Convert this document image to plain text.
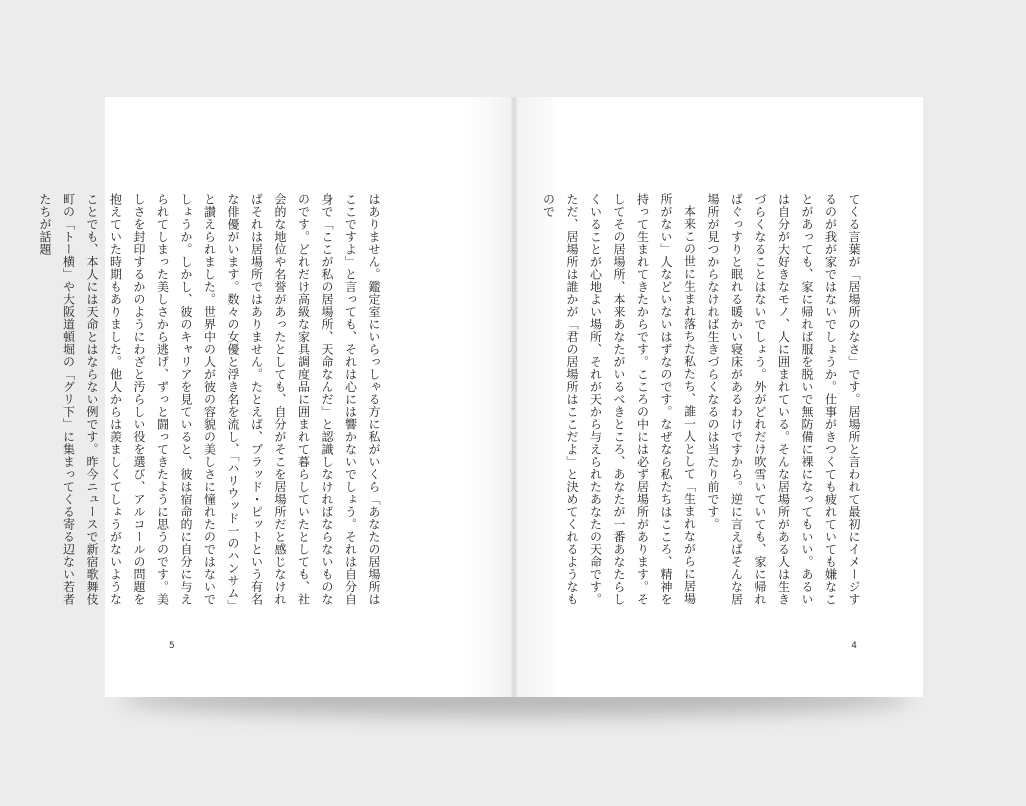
はありません。鑑定室にいらっしゃる方に私がいくら「あなたの居場所はここですよ」と言っても、それは心には響かないでしょう。それは自分自身で「ここが私の居場所、天命なんだ」と認識しなければならないものなのです。どれだけ高級な家具調度品に囲まれて暮らしていたとしても、社会的な地位や名誉があったとしても、自分がそこを居場所だと感じなければそれは居場所ではありません。たとえば、ブラッド・ピットという有名な俳優がいます。数々の女優と浮き名を流し、「ハリウッド一のハンサム」と讃えられました。世界中の人が彼の容貌の美しさに憧れたのではないでしょうか。しかし、彼のキャリアを見ていると、彼は宿命的に自分に与えられてしまった美しさから逃げ、ずっと闘ってきたように思うのです。美しさを封印するかのようにわざと汚らしい役を選び、アルコールの問題を抱えていた時期もありました。他人からは羨ましくてしょうがないようなことでも、本人には天命とはならない例です。昨今ニュースで新宿歌舞伎町の「トー横」や大阪道頓堀の「グリ下」に集まってくる寄る辺ない若者たちが話題

5

てくる言葉が「居場所のなさ」です。居場所と言われて最初にイメージするのが我が家ではないでしょうか。仕事がきつくても疲れていても嫌なことがあっても、家に帰れば服を脱いで無防備に裸になってもいい。あるいは自分が大好きなモノ、人に囲まれている。そんな居場所がある人は生きづらくなることはないでしょう。外がどれだけ吹雪いていても、家に帰ればぐっすりと眠れる暖かい寝床があるわけですから。逆に言えばそんな居場所が見つからなければ生きづらくなるのは当たり前です。

本来この世に生まれ落ちた私たち、誰一人として「生まれながらに居場所がない」人などいないはずなのです。なぜなら私たちはこころ、精神を持って生まれてきたからです。こころの中には必ず居場所があります。そしてその居場所、本来あなたがいるべきところ、あなたが一番あなたらしくいることが心地よい場所、それが天から与えられたあなたの天命です。

ただ、居場所は誰かが「君の居場所はここだよ」と決めてくれるようなもので

4
